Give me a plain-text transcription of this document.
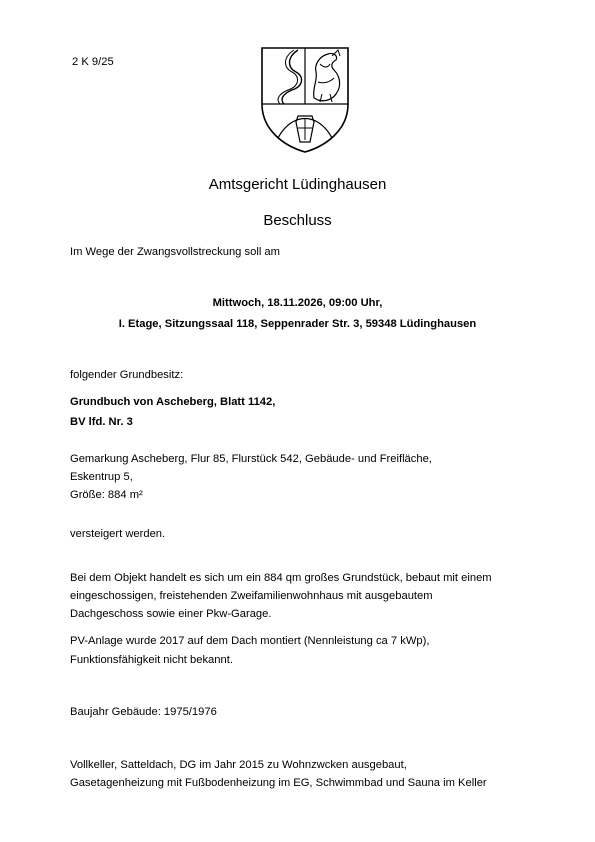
2 K 9/25
Amtsgericht Lüdinghausen
Beschluss
Im Wege der Zwangsvollstreckung soll am
Mittwoch, 18.11.2026, 09:00 Uhr,
I. Etage, Sitzungssaal 118, Seppenrader Str. 3, 59348 Lüdinghausen
folgender Grundbesitz:
Grundbuch von Ascheberg, Blatt 1142,
BV lfd. Nr. 3
Gemarkung Ascheberg, Flur 85, Flurstück 542, Gebäude- und Freifläche,
Eskentrup 5,
Größe: 884 m²
versteigert werden.
Bei dem Objekt handelt es sich um ein 884 qm großes Grundstück, bebaut mit einem
eingeschossigen, freistehenden Zweifamilienwohnhaus mit ausgebautem
Dachgeschoss sowie einer Pkw-Garage.
PV-Anlage wurde 2017 auf dem Dach montiert (Nennleistung ca 7 kWp),
Funktionsfähigkeit nicht bekannt.
Baujahr Gebäude: 1975/1976
Vollkeller, Satteldach, DG im Jahr 2015 zu Wohnzwcken ausgebaut,
Gasetagenheizung mit Fußbodenheizung im EG, Schwimmbad und Sauna im Keller
